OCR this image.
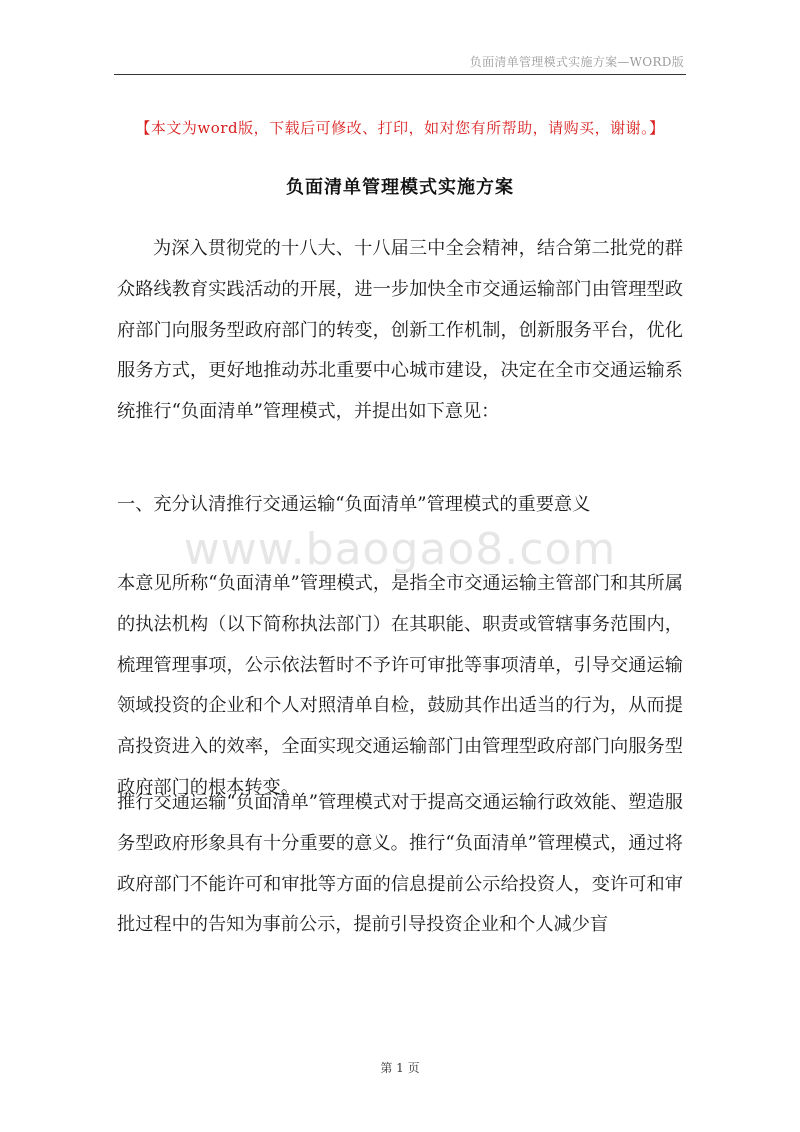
负面清单管理模式实施方案—WORD版
【本文为word版，下载后可修改、打印，如对您有所帮助，请购买，谢谢。】
负面清单管理模式实施方案

为深入贯彻党的十八大、十八届三中全会精神，结合第二批党的群众路线教育实践活动的开展，进一步加快全市交通运输部门由管理型政府部门向服务型政府部门的转变，创新工作机制，创新服务平台，优化服务方式，更好地推动苏北重要中心城市建设，决定在全市交通运输系统推行“负面清单”管理模式，并提出如下意见：

一、充分认清推行交通运输“负面清单”管理模式的重要意义
www.baogao8.com

本意见所称“负面清单”管理模式，是指全市交通运输主管部门和其所属的执法机构（以下简称执法部门）在其职能、职责或管辖事务范围内，梳理管理事项，公示依法暂时不予许可审批等事项清单，引导交通运输领域投资的企业和个人对照清单自检，鼓励其作出适当的行为，从而提高投资进入的效率，全面实现交通运输部门由管理型政府部门向服务型政府部门的根本转变。

推行交通运输“负面清单”管理模式对于提高交通运输行政效能、塑造服务型政府形象具有十分重要的意义。推行“负面清单”管理模式，通过将政府部门不能许可和审批等方面的信息提前公示给投资人，变许可和审批过程中的告知为事前公示，提前引导投资企业和个人减少盲

第 1 页
